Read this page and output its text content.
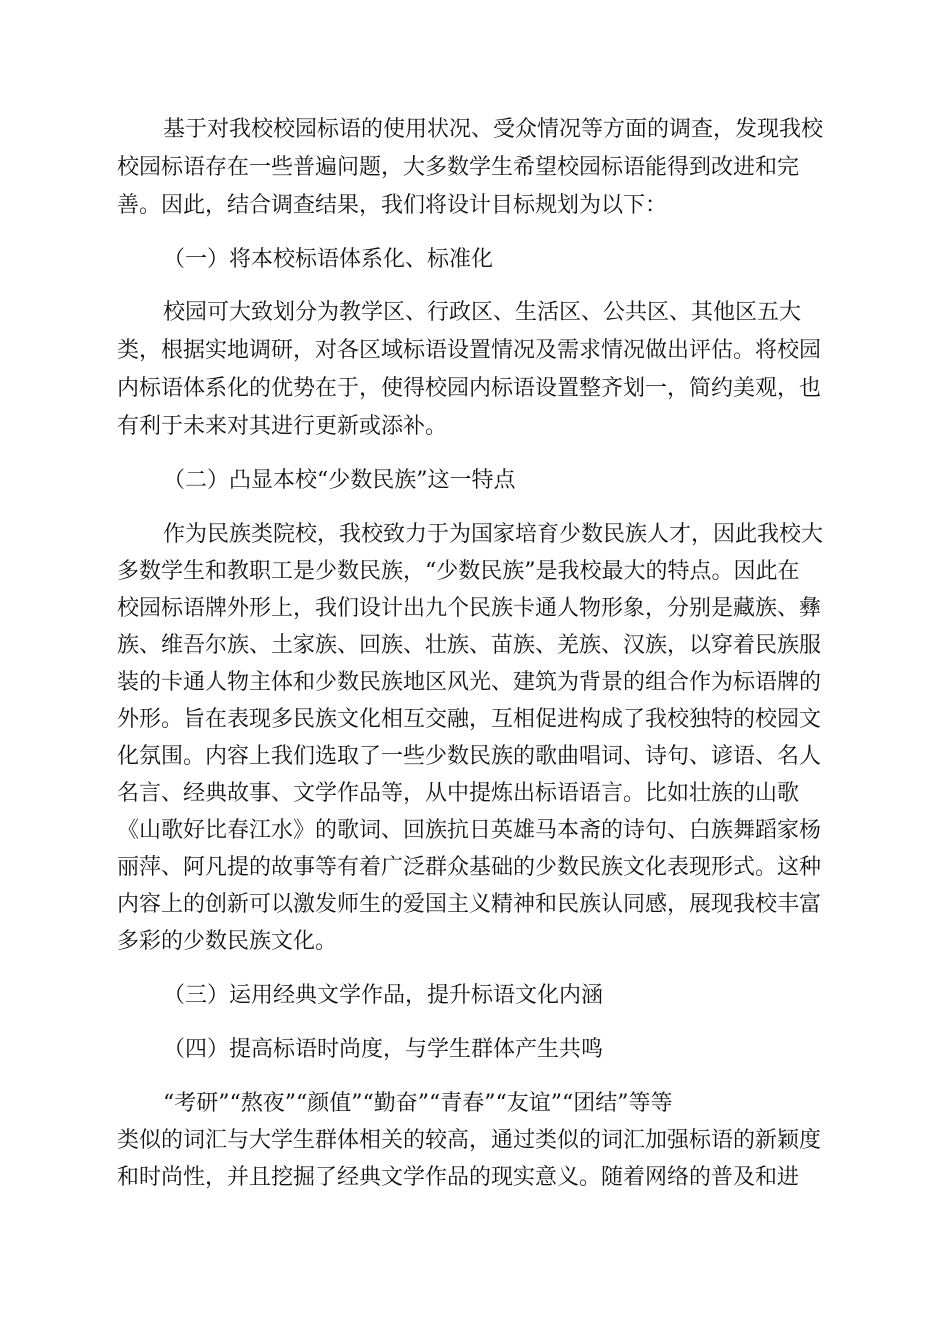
基于对我校校园标语的使用状况、受众情况等方面的调查，发现我校
校园标语存在一些普遍问题，大多数学生希望校园标语能得到改进和完
善。因此，结合调查结果，我们将设计目标规划为以下：
（一）将本校标语体系化、标准化
校园可大致划分为教学区、行政区、生活区、公共区、其他区五大
类，根据实地调研，对各区域标语设置情况及需求情况做出评估。将校园
内标语体系化的优势在于，使得校园内标语设置整齐划一，简约美观，也
有利于未来对其进行更新或添补。
（二）凸显本校“少数民族”这一特点
作为民族类院校，我校致力于为国家培育少数民族人才，因此我校大
多数学生和教职工是少数民族，“少数民族”是我校最大的特点。因此在
校园标语牌外形上，我们设计出九个民族卡通人物形象，分别是藏族、彝
族、维吾尔族、土家族、回族、壮族、苗族、羌族、汉族，以穿着民族服
装的卡通人物主体和少数民族地区风光、建筑为背景的组合作为标语牌的
外形。旨在表现多民族文化相互交融，互相促进构成了我校独特的校园文
化氛围。内容上我们选取了一些少数民族的歌曲唱词、诗句、谚语、名人
名言、经典故事、文学作品等，从中提炼出标语语言。比如壮族的山歌
《山歌好比春江水》的歌词、回族抗日英雄马本斋的诗句、白族舞蹈家杨
丽萍、阿凡提的故事等有着广泛群众基础的少数民族文化表现形式。这种
内容上的创新可以激发师生的爱国主义精神和民族认同感，展现我校丰富
多彩的少数民族文化。
（三）运用经典文学作品，提升标语文化内涵
（四）提高标语时尚度，与学生群体产生共鸣
“考研”“熬夜”“颜值”“勤奋”“青春”“友谊”“团结”等等
类似的词汇与大学生群体相关的较高，通过类似的词汇加强标语的新颖度
和时尚性，并且挖掘了经典文学作品的现实意义。随着网络的普及和进
